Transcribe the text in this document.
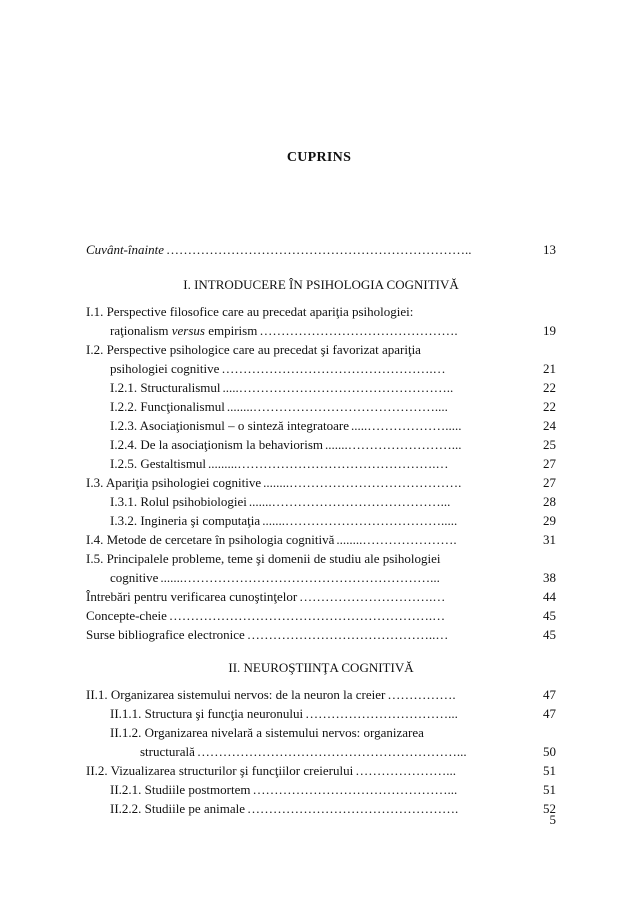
CUPRINS
Cuvânt-înainte ……………………………………………………………..	13
I. INTRODUCERE ÎN PSIHOLOGIA COGNITIVĂ
I.1. Perspective filosofice care au precedat apariţia psihologiei:
raţionalism versus empirism ……………………………………….	19
I.2. Perspective psihologice care au precedat şi favorizat apariţia
psihologiei cognitive ………………………………………….…	21
I.2.1. Structuralismul .....…………………………………………..	22
I.2.2. Funcţionalismul ........……………………………………....	22
I.2.3. Asociaţionismul – o sinteză integratoare .....……………….....	24
I.2.4. De la asociaţionism la behaviorism .......……………………...	25
I.2.5. Gestaltismul .........……………………………………….…	27
I.3. Apariţia psihologiei cognitive ........………………………………….	27
I.3.1. Rolul psihobiologiei .......…………………………………...	28
I.3.2. Ingineria şi computaţia .......……………………………….....	29
I.4. Metode de cercetare în psihologia cognitivă ........………………….	31
I.5. Principalele probleme, teme şi domenii de studiu ale psihologiei
cognitive .......…………………………………………………...	38
Întrebări pentru verificarea cunoştinţelor ………………………….…	44
Concepte-cheie …………………………………………………….…	45
Surse bibliografice electronice ……………………………………..…	45
II. NEUROŞTIINŢA COGNITIVĂ
II.1. Organizarea sistemului nervos: de la neuron la creier …………….	47
II.1.1. Structura şi funcţia neuronului ……………………………...	47
II.1.2. Organizarea nivelară a sistemului nervos: organizarea
structurală ……………………………………………………...	50
II.2. Vizualizarea structurilor şi funcţiilor creierului …………………...	51
II.2.1. Studiile postmortem ………………………………………...	51
II.2.2. Studiile pe animale ………………………………………….	52
5
